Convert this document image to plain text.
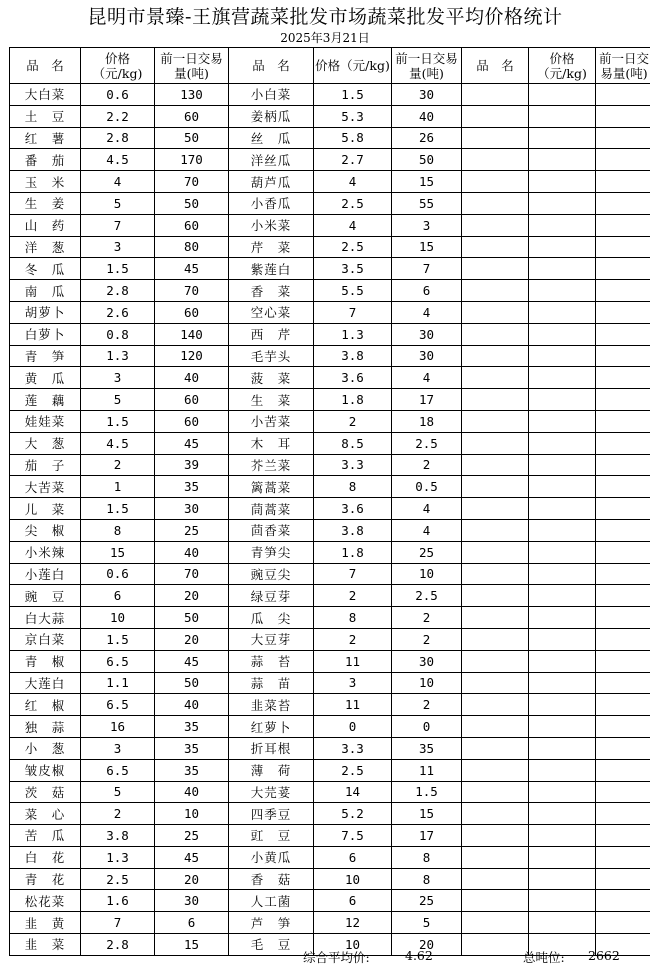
昆明市景臻-王旗营蔬菜批发市场蔬菜批发平均价格统计
2025年3月21日
品　名	价格（元/kg)	前一日交易量(吨)	品　名	价格（元/kg)	前一日交易量(吨)	品　名	价格（元/kg)	前一日交易量(吨)
大白菜	0.6	130	小白菜	1.5	30			
土　豆	2.2	60	姜柄瓜	5.3	40			
红　薯	2.8	50	丝　瓜	5.8	26			
番　茄	4.5	170	洋丝瓜	2.7	50			
玉　米	4	70	葫芦瓜	4	15			
生　姜	5	50	小香瓜	2.5	55			
山　药	7	60	小米菜	4	3			
洋　葱	3	80	芹　菜	2.5	15			
冬　瓜	1.5	45	紫莲白	3.5	7			
南　瓜	2.8	70	香　菜	5.5	6			
胡萝卜	2.6	60	空心菜	7	4			
白萝卜	0.8	140	西　芹	1.3	30			
青　笋	1.3	120	毛芋头	3.8	30			
黄　瓜	3	40	菠　菜	3.6	4			
莲　藕	5	60	生　菜	1.8	17			
娃娃菜	1.5	60	小苦菜	2	18			
大　葱	4.5	45	木　耳	8.5	2.5			
茄　子	2	39	芥兰菜	3.3	2			
大苦菜	1	35	篱蒿菜	8	0.5			
儿　菜	1.5	30	茼蒿菜	3.6	4			
尖　椒	8	25	茴香菜	3.8	4			
小米辣	15	40	青笋尖	1.8	25			
小莲白	0.6	70	豌豆尖	7	10			
豌　豆	6	20	绿豆芽	2	2.5			
白大蒜	10	50	瓜　尖	8	2			
京白菜	1.5	20	大豆芽	2	2			
青　椒	6.5	45	蒜　苔	11	30			
大莲白	1.1	50	蒜　苗	3	10			
红　椒	6.5	40	韭菜苔	11	2			
独　蒜	16	35	红萝卜	0	0			
小　葱	3	35	折耳根	3.3	35			
皱皮椒	6.5	35	薄　荷	2.5	11			
茨　菇	5	40	大芫荽	14	1.5			
菜　心	2	10	四季豆	5.2	15			
苦　瓜	3.8	25	豇　豆	7.5	17			
白　花	1.3	45	小黄瓜	6	8			
青　花	2.5	20	香　菇	10	8			
松花菜	1.6	30	人工菌	6	25			
韭　黄	7	6	芦　笋	12	5			
韭　菜	2.8	15	毛　豆	10	20			
综合平均价:	4.62	总吨位: 2662
